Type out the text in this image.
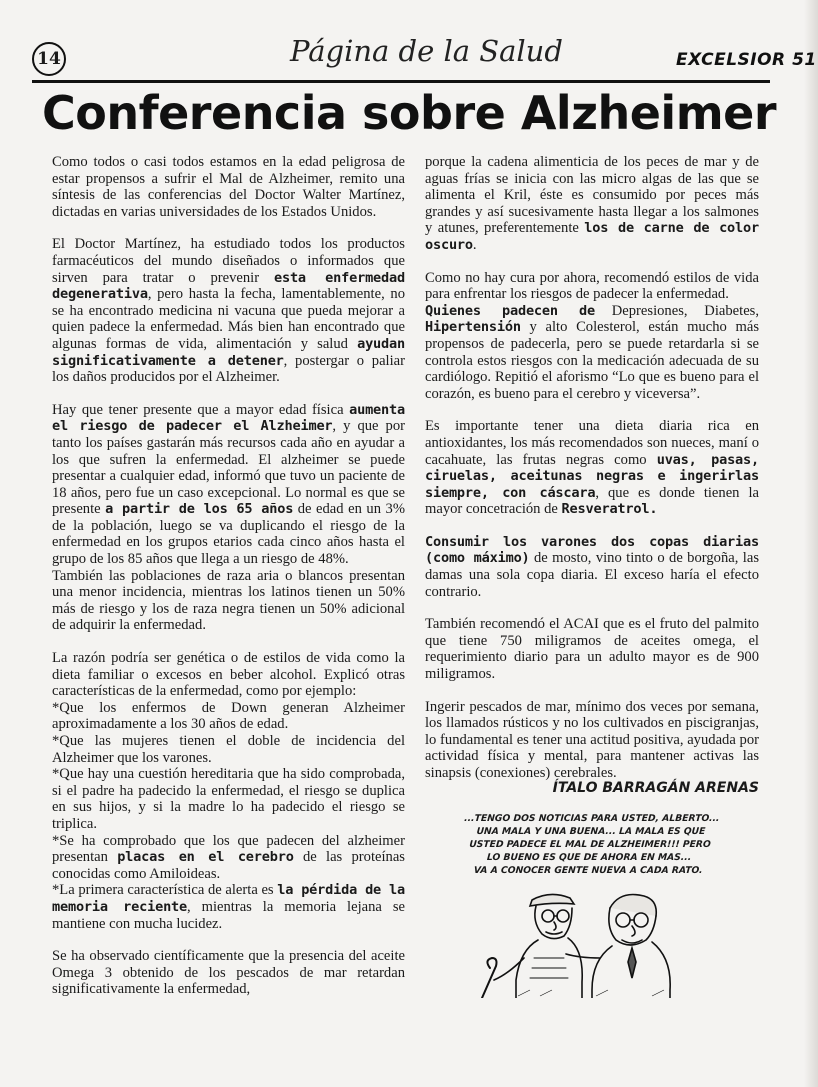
14	Página de la Salud	EXCELSIOR 51
Conferencia sobre Alzheimer

Como todos o casi todos estamos en la edad peligrosa de estar propensos a sufrir el Mal de Alzheimer, remito una síntesis de las conferencias del Doctor Walter Martínez, dictadas en varias universidades de los Estados Unidos.

El Doctor Martínez, ha estudiado todos los productos farmacéuticos del mundo diseñados o informados que sirven para tratar o prevenir esta enfermedad degenerativa, pero hasta la fecha, lamentablemente, no se ha encontrado medicina ni vacuna que pueda mejorar a quien padece la enfermedad. Más bien han encontrado que algunas formas de vida, alimentación y salud ayudan significativamente a detener, postergar o paliar los daños producidos por el Alzheimer.

Hay que tener presente que a mayor edad física aumenta el riesgo de padecer el Alzheimer, y que por tanto los países gastarán más recursos cada año en ayudar a los que sufren la enfermedad. El alzheimer se puede presentar a cualquier edad, informó que tuvo un paciente de 18 años, pero fue un caso excepcional. Lo normal es que se presente a partir de los 65 años de edad en un 3% de la población, luego se va duplicando el riesgo de la enfermedad en los grupos etarios cada cinco años hasta el grupo de los 85 años que llega a un riesgo de 48%.

También las poblaciones de raza aria o blancos presentan una menor incidencia, mientras los latinos tienen un 50% más de riesgo y los de raza negra tienen un 50% adicional de adquirir la enfermedad.

La razón podría ser genética o de estilos de vida como la dieta familiar o excesos en beber alcohol. Explicó otras características de la enfermedad, como por ejemplo:

*Que los enfermos de Down generan Alzheimer aproximadamente a los 30 años de edad.

*Que las mujeres tienen el doble de incidencia del Alzheimer que los varones.

*Que hay una cuestión hereditaria que ha sido comprobada, si el padre ha padecido la enfermedad, el riesgo se duplica en sus hijos, y si la madre lo ha padecido el riesgo se triplica.

*Se ha comprobado que los que padecen del alzheimer presentan placas en el cerebro de las proteínas conocidas como Amiloideas.

*La primera característica de alerta es la pérdida de la memoria reciente, mientras la memoria lejana se mantiene con mucha lucidez.

Se ha observado científicamente que la presencia del aceite Omega 3 obtenido de los pescados de mar retardan significativamente la enfermedad,

porque la cadena alimenticia de los peces de mar y de aguas frías se inicia con las micro algas de las que se alimenta el Kril, éste es consumido por peces más grandes y así sucesivamente hasta llegar a los salmones y atunes, preferentemente los de carne de color oscuro.

Como no hay cura por ahora, recomendó estilos de vida para enfrentar los riesgos de padecer la enfermedad.

Quienes padecen de Depresiones, Diabetes, Hipertensión y alto Colesterol, están mucho más propensos de padecerla, pero se puede retardarla si se controla estos riesgos con la medicación adecuada de su cardiólogo. Repitió el aforismo “Lo que es bueno para el corazón, es bueno para el cerebro y viceversa”.

Es importante tener una dieta diaria rica en antioxidantes, los más recomendados son nueces, maní o cacahuate, las frutas negras como uvas, pasas, ciruelas, aceitunas negras e ingerirlas siempre, con cáscara, que es donde tienen la mayor concetración de Resveratrol.

Consumir los varones dos copas diarias (como máximo) de mosto, vino tinto o de borgoña, las damas una sola copa diaria. El exceso haría el efecto contrario.

También recomendó el ACAI que es el fruto del palmito que tiene 750 miligramos de aceites omega, el requerimiento diario para un adulto mayor es de 900 miligramos.

Ingerir pescados de mar, mínimo dos veces por semana, los llamados rústicos y no los cultivados en piscigranjas, lo fundamental es tener una actitud positiva, ayudada por actividad física y mental, para mantener activas las sinapsis (conexiones) cerebrales.

ÍTALO BARRAGÁN ARENAS
...TENGO DOS NOTICIAS PARA USTED, ALBERTO...
UNA MALA Y UNA BUENA... LA MALA ES QUE
USTED PADECE EL MAL DE ALZHEIMER!!! PERO
LO BUENO ES QUE DE AHORA EN MAS...
VA A CONOCER GENTE NUEVA A CADA RATO.
